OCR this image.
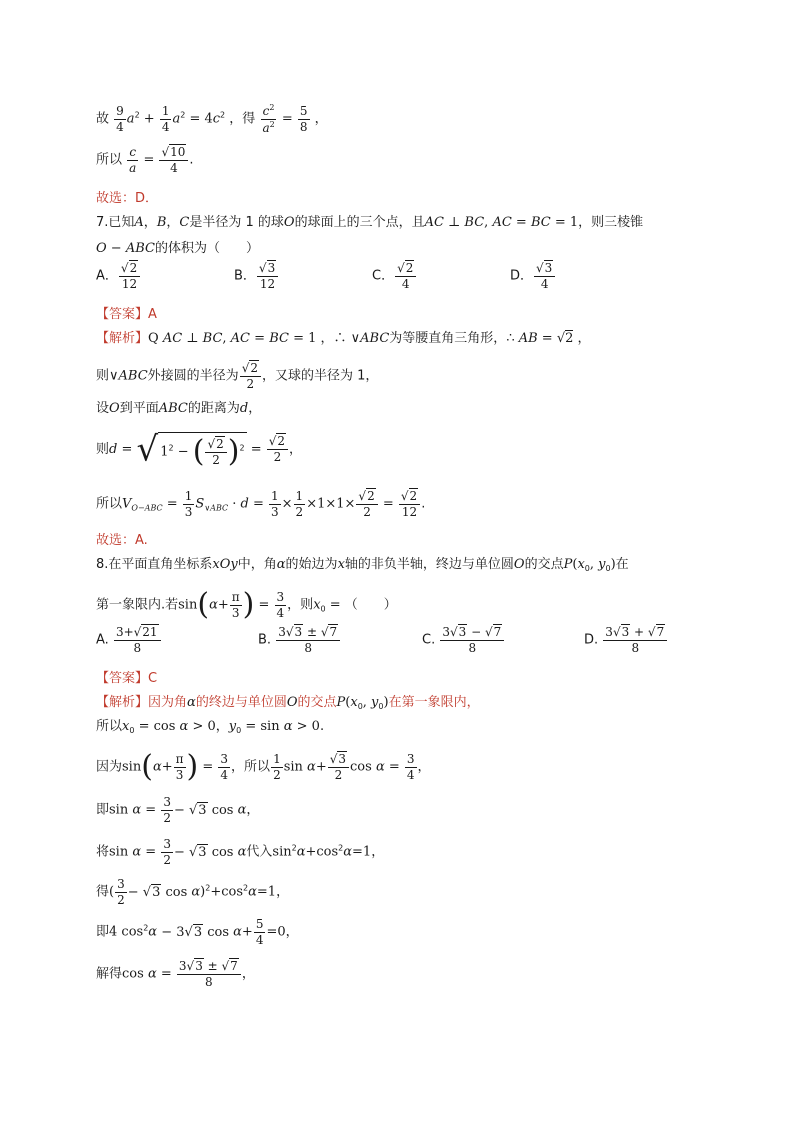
故 $\frac{9}{4} a^2 + \frac{1}{4} a^2 = 4c^2$ ，得 $\frac{c^2}{a^2} = \frac{5}{8}$ ，
所以 $\frac{c}{a} = \frac{√10}{4}$ .
故选：D．
7.已知A，B，C是半径为 1 的球O的球面上的三个点，且AC ⊥ BC, AC = BC = 1，则三棱锥
O − ABC的体积为（　　）
A． $\frac{√2}{12}$	B． $\frac{√3}{12}$	C． $\frac{√2}{4}$	D． $\frac{√3}{4}$
【答案】A
【解析】Q AC ⊥ BC, AC = BC = 1 ，∴ ∨ABC为等腰直角三角形，∴ AB = √2 ，
则∨ABC外接圆的半径为 $\frac{√2}{2}$ ，又球的半径为 1，
设O到平面ABC的距离为d，
则d = √ $1^2$ − ( $\frac{√2}{2} )^2 = \frac{√2}{2}$ ，
所以$V_{O-ABC} = \frac{1}{3} S_{\vee ABC} \cdot d = \frac{1}{3} \times \frac{1}{2} \times 1\times 1\times \frac{√2}{2} = \frac{√2}{12}$ .
故选：A.
8.在平面直角坐标系xOy中，角α的始边为x轴的非负半轴，终边与单位圆O的交点$P(x_0$, $y_0$)在
第一象限内.若$\sin(\alpha+ \frac{\pi}{3}$ ) = $\frac{3}{4}$ ，则$x_0$ = （　　）
A. $\frac{3+√21}{8}$	B. $\frac{3√3 \pm √7}{8}$	C. $\frac{3√3 - √7}{8}$	D. $\frac{3√3 + √7}{8}$
【答案】C
【解析】因为角α的终边与单位圆O的交点$P(x_0$, $y_0$)在第一象限内，
所以$x_0 = \cos \alpha > 0$，$y_0 = \sin \alpha > 0$.
因为$\sin(\alpha+ \frac{\pi}{3}$ ) = $\frac{3}{4}$ ，所以 $\frac{1}{2}$ $\sin \alpha+ \frac{√3}{2}$ $\cos \alpha = \frac{3}{4}$ ，
即$\sin \alpha = \frac{3}{2} - √3$ cos α，
将$\sin \alpha = \frac{3}{2} - √3$ cos α代入$\sin^2\alpha+\cos^2\alpha=1$，
得( $\frac{3}{2} - √3$ $\cos \alpha)^2+\cos^2\alpha=1$，
即4 $\cos^2\alpha - 3√3$ $\cos \alpha+ \frac{5}{4} =0$，
解得$\cos \alpha = \frac{3√3 \pm √7}{8}$ ，
